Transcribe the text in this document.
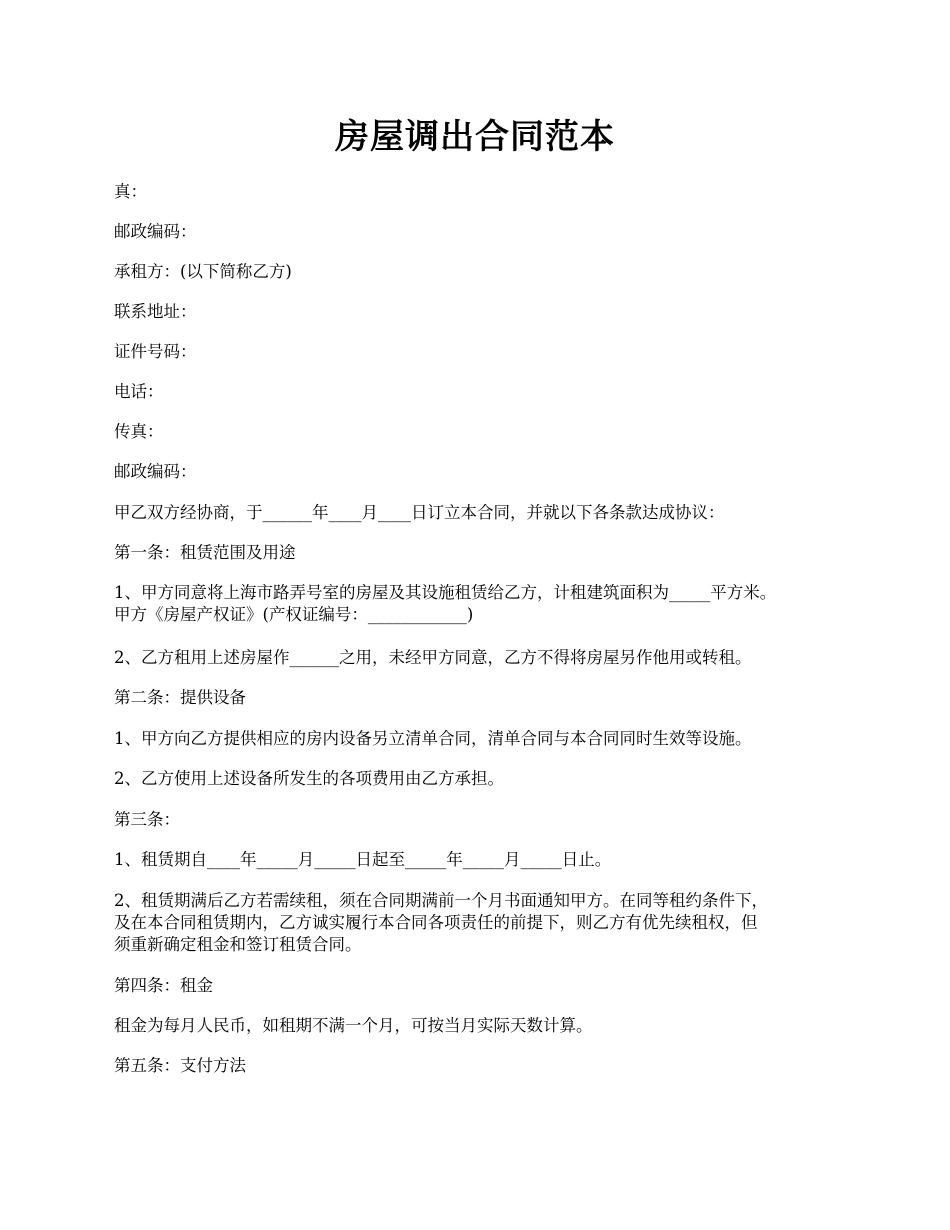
房屋调出合同范本

真：

邮政编码：

承租方：(以下简称乙方)

联系地址：

证件号码：

电话：

传真：

邮政编码：

甲乙双方经协商，于______年____月____日订立本合同，并就以下各条款达成协议：

第一条：租赁范围及用途

1、甲方同意将上海市路弄号室的房屋及其设施租赁给乙方，计租建筑面积为_____平方米。
甲方《房屋产权证》(产权证编号：____________)

2、乙方租用上述房屋作______之用，未经甲方同意，乙方不得将房屋另作他用或转租。

第二条：提供设备

1、甲方向乙方提供相应的房内设备另立清单合同，清单合同与本合同同时生效等设施。

2、乙方使用上述设备所发生的各项费用由乙方承担。

第三条：

1、租赁期自____年_____月_____日起至_____年_____月_____日止。

2、租赁期满后乙方若需续租，须在合同期满前一个月书面通知甲方。在同等租约条件下，
及在本合同租赁期内，乙方诚实履行本合同各项责任的前提下，则乙方有优先续租权，但
须重新确定租金和签订租赁合同。

第四条：租金

租金为每月人民币，如租期不满一个月，可按当月实际天数计算。

第五条：支付方法
